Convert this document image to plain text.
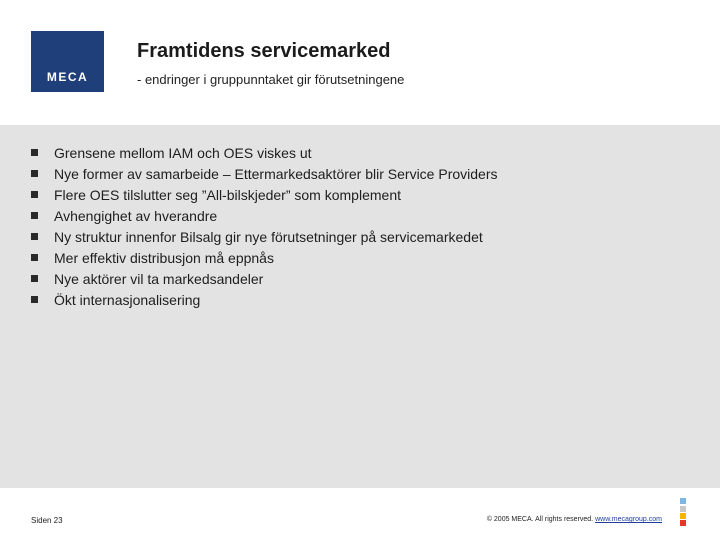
MECA
Framtidens servicemarked
- endringer i gruppunntaket gir förutsetningene
Grensene mellom IAM och OES viskes ut
Nye former av samarbeide – Ettermarkedsaktörer blir Service Providers
Flere OES tilslutter seg ”All-bilskjeder” som komplement
Avhengighet av hverandre
Ny struktur innenfor Bilsalg gir nye förutsetninger på servicemarkedet
Mer effektiv distribusjon må eppnås
Nye aktörer vil ta markedsandeler
Ökt internasjonalisering
Siden 23	© 2005 MECA. All rights reserved. www.mecagroup.com
